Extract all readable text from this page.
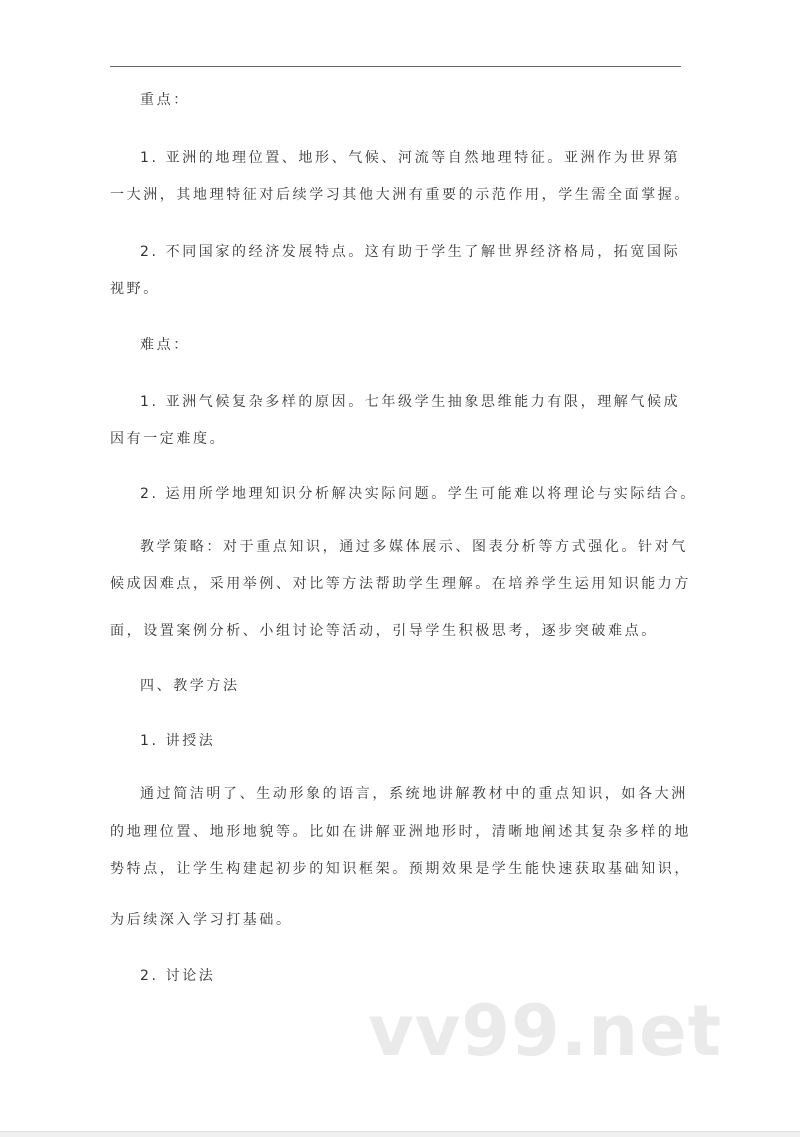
重点：
1. 亚洲的地理位置、地形、气候、河流等自然地理特征。亚洲作为世界第
一大洲，其地理特征对后续学习其他大洲有重要的示范作用，学生需全面掌握。
2. 不同国家的经济发展特点。这有助于学生了解世界经济格局，拓宽国际
视野。
难点：
1. 亚洲气候复杂多样的原因。七年级学生抽象思维能力有限，理解气候成
因有一定难度。
2. 运用所学地理知识分析解决实际问题。学生可能难以将理论与实际结合。
教学策略：对于重点知识，通过多媒体展示、图表分析等方式强化。针对气
候成因难点，采用举例、对比等方法帮助学生理解。在培养学生运用知识能力方
面，设置案例分析、小组讨论等活动，引导学生积极思考，逐步突破难点。
四、教学方法
1. 讲授法
通过简洁明了、生动形象的语言，系统地讲解教材中的重点知识，如各大洲
的地理位置、地形地貌等。比如在讲解亚洲地形时，清晰地阐述其复杂多样的地
势特点，让学生构建起初步的知识框架。预期效果是学生能快速获取基础知识，
为后续深入学习打基础。
2. 讨论法
vv99.net
